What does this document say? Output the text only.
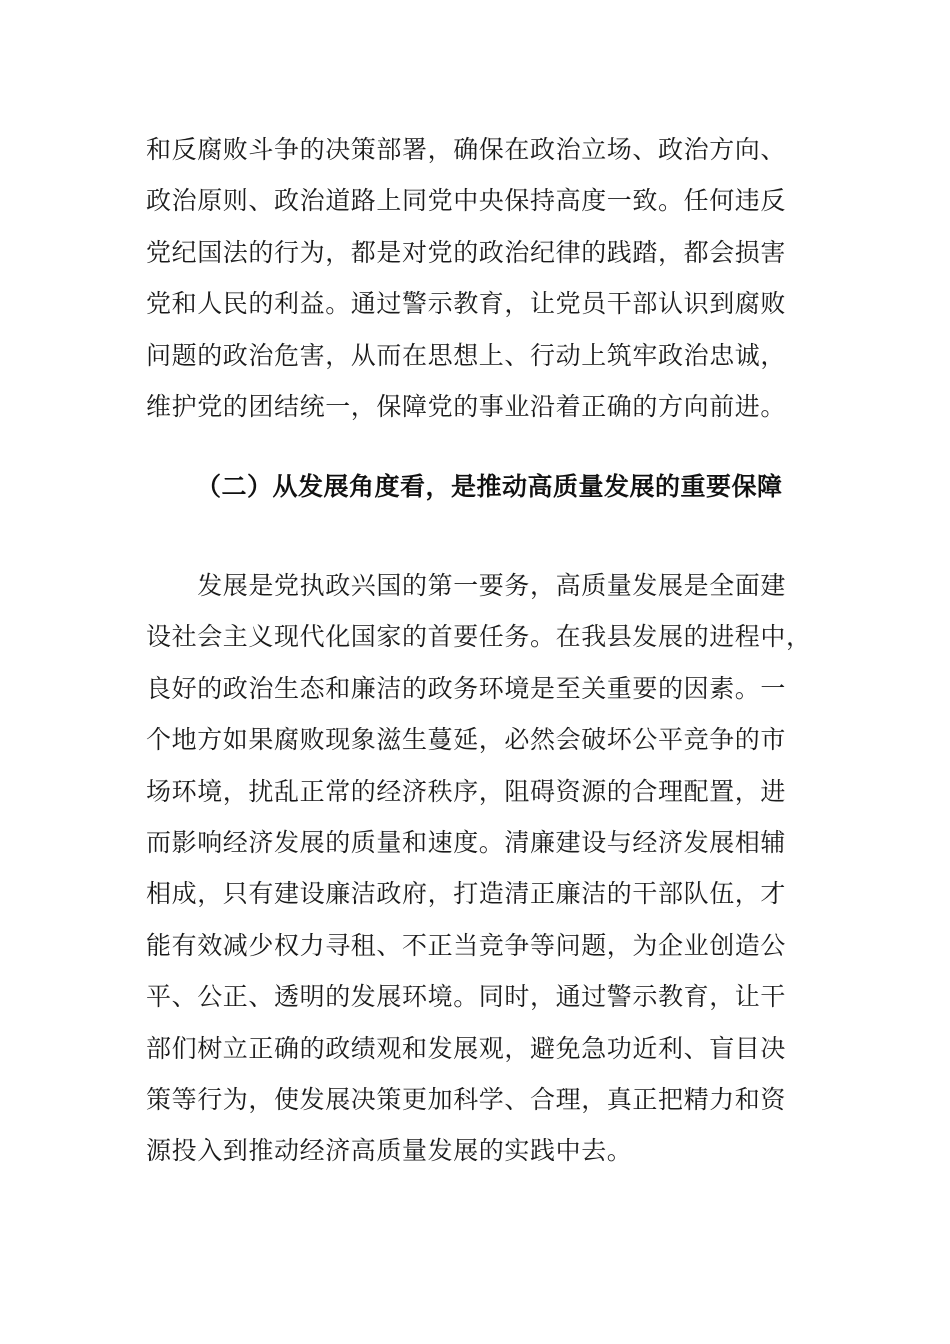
和反腐败斗争的决策部署，确保在政治立场、政治方向、
政治原则、政治道路上同党中央保持高度一致。任何违反
党纪国法的行为，都是对党的政治纪律的践踏，都会损害
党和人民的利益。通过警示教育，让党员干部认识到腐败
问题的政治危害，从而在思想上、行动上筑牢政治忠诚，
维护党的团结统一，保障党的事业沿着正确的方向前进。
（二）从发展角度看，是推动高质量发展的重要保障
　　发展是党执政兴国的第一要务，高质量发展是全面建
设社会主义现代化国家的首要任务。在我县发展的进程中，
良好的政治生态和廉洁的政务环境是至关重要的因素。一
个地方如果腐败现象滋生蔓延，必然会破坏公平竞争的市
场环境，扰乱正常的经济秩序，阻碍资源的合理配置，进
而影响经济发展的质量和速度。清廉建设与经济发展相辅
相成，只有建设廉洁政府，打造清正廉洁的干部队伍，才
能有效减少权力寻租、不正当竞争等问题，为企业创造公
平、公正、透明的发展环境。同时，通过警示教育，让干
部们树立正确的政绩观和发展观，避免急功近利、盲目决
策等行为，使发展决策更加科学、合理，真正把精力和资
源投入到推动经济高质量发展的实践中去。
